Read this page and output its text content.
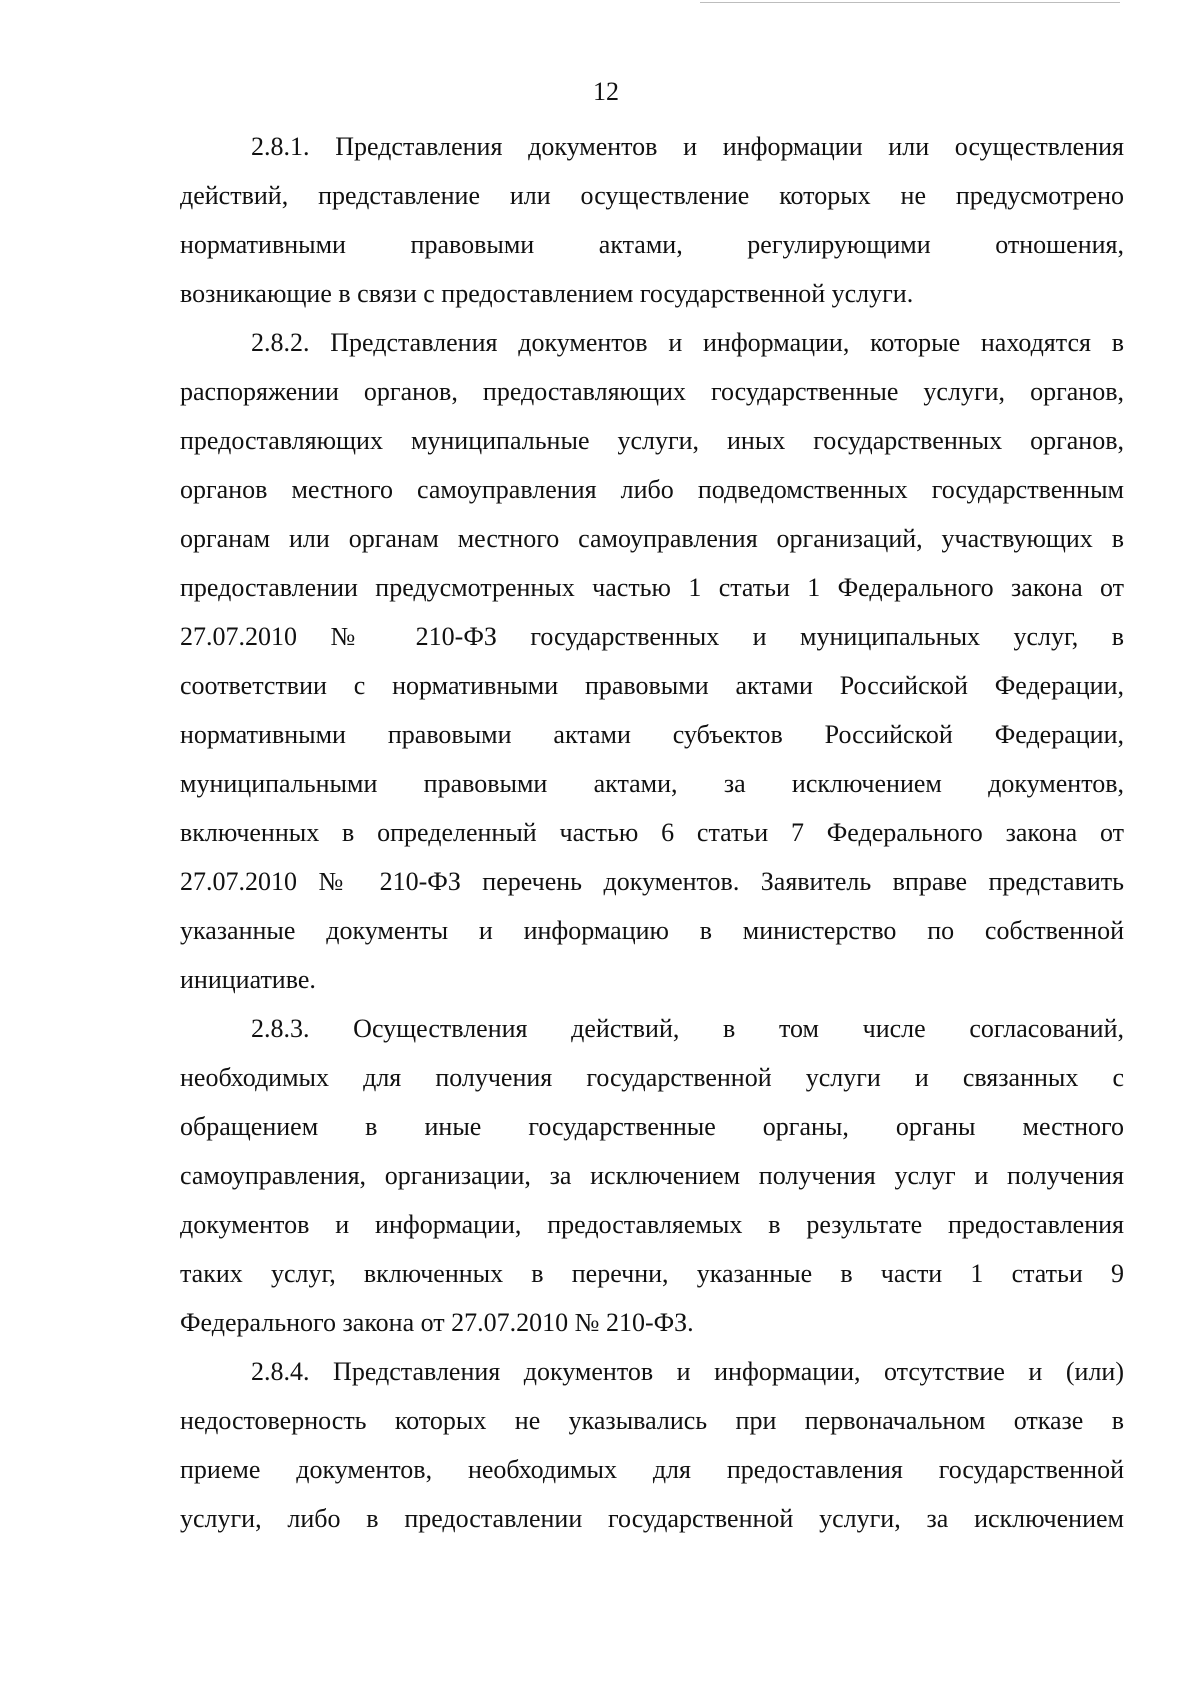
12
2.8.1. Представления документов и информации или осуществления
действий, представление или осуществление которых не предусмотрено
нормативными правовыми актами, регулирующими отношения,
возникающие в связи с предоставлением государственной услуги.
2.8.2. Представления документов и информации, которые находятся в
распоряжении органов, предоставляющих государственные услуги, органов,
предоставляющих муниципальные услуги, иных государственных органов,
органов местного самоуправления либо подведомственных государственным
органам или органам местного самоуправления организаций, участвующих в
предоставлении предусмотренных частью 1 статьи 1 Федерального закона от
27.07.2010 № 210-ФЗ государственных и муниципальных услуг, в
соответствии с нормативными правовыми актами Российской Федерации,
нормативными правовыми актами субъектов Российской Федерации,
муниципальными правовыми актами, за исключением документов,
включенных в определенный частью 6 статьи 7 Федерального закона от
27.07.2010 № 210-ФЗ перечень документов. Заявитель вправе представить
указанные документы и информацию в министерство по собственной
инициативе.
2.8.3. Осуществления действий, в том числе согласований,
необходимых для получения государственной услуги и связанных с
обращением в иные государственные органы, органы местного
самоуправления, организации, за исключением получения услуг и получения
документов и информации, предоставляемых в результате предоставления
таких услуг, включенных в перечни, указанные в части 1 статьи 9
Федерального закона от 27.07.2010 № 210-ФЗ.
2.8.4. Представления документов и информации, отсутствие и (или)
недостоверность которых не указывались при первоначальном отказе в
приеме документов, необходимых для предоставления государственной
услуги, либо в предоставлении государственной услуги, за исключением
